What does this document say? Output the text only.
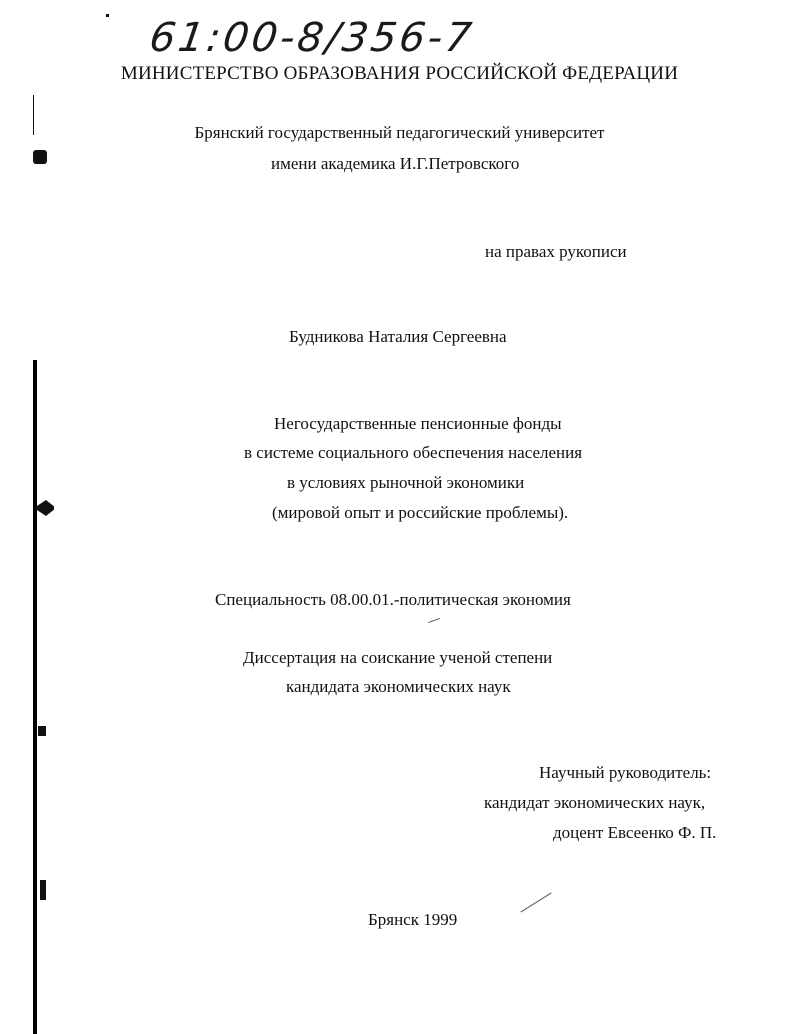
61:00-8/356-7
МИНИСТЕРСТВО ОБРАЗОВАНИЯ РОССИЙСКОЙ ФЕДЕРАЦИИ
Брянский государственный педагогический университет
имени академика И.Г.Петровского
на правах рукописи
Будникова Наталия Сергеевна
Негосударственные пенсионные фонды
в системе социального обеспечения населения
в условиях рыночной экономики
(мировой опыт и российские проблемы).
Специальность 08.00.01.-политическая экономия
Диссертация на соискание ученой степени
кандидата экономических наук
Научный руководитель:
кандидат экономических наук,
доцент Евсеенко Ф. П.
Брянск 1999
